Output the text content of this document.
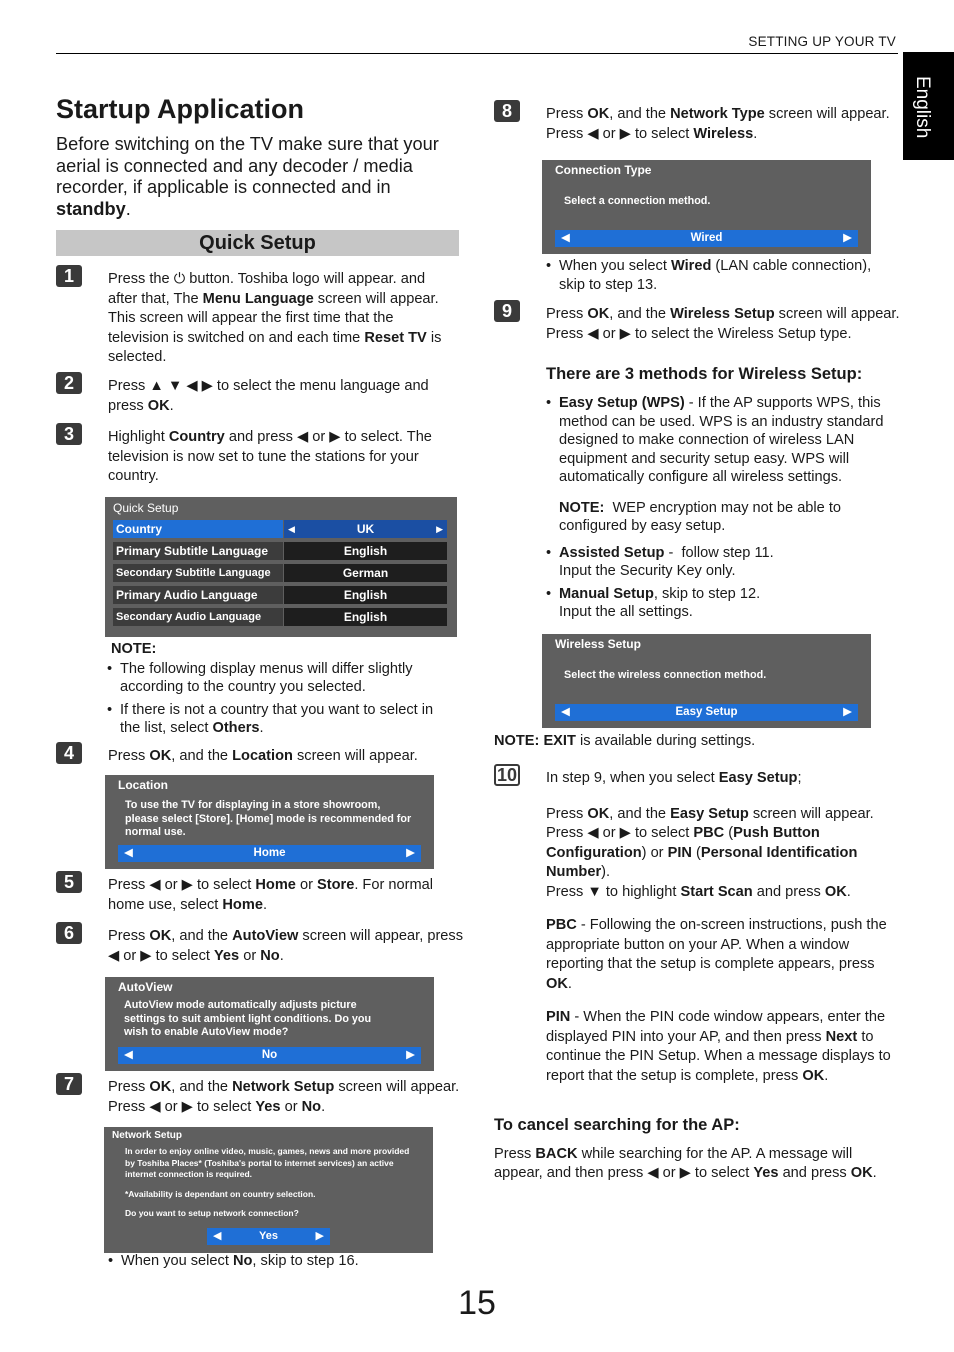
SETTING UP YOUR TV
English
Startup Application
Before switching on the TV make sure that your aerial is connected and any decoder / media recorder, if applicable is connected and in standby.
Quick Setup
1	Press the ⏻ button. Toshiba logo will appear. and after that, The Menu Language screen will appear. This screen will appear the first time that the television is switched on and each time Reset TV is selected.
2	Press ▲ ▼ ◀ ▶ to select the menu language and press OK.
3	Highlight Country and press ◀ or ▶ to select. The television is now set to tune the stations for your country.
Quick Setup
Country	◀	UK	▶
Primary Subtitle Language	English
Secondary Subtitle Language	German
Primary Audio Language	English
Secondary Audio Language	English
NOTE:
• The following display menus will differ slightly according to the country you selected.
• If there is not a country that you want to select in the list, select Others.
4	Press OK, and the Location screen will appear.
Location
To use the TV for displaying in a store showroom, please select [Store]. [Home] mode is recommended for normal use.
◀	Home	▶
5	Press ◀ or ▶ to select Home or Store. For normal home use, select Home.
6	Press OK, and the AutoView screen will appear, press ◀ or ▶ to select Yes or No.
AutoView
AutoView mode automatically adjusts picture settings to suit ambient light conditions. Do you wish to enable AutoView mode?
◀	No	▶
7	Press OK, and the Network Setup screen will appear. Press ◀ or ▶ to select Yes or No.
Network Setup
In order to enjoy online video, music, games, news and more provided by Toshiba Places* (Toshiba's portal to internet services) an active internet connection is required.
*Availability is dependant on country selection.
Do you want to setup network connection?
◀	Yes	▶
• When you select No, skip to step 16.
8	Press OK, and the Network Type screen will appear. Press ◀ or ▶ to select Wireless.
Connection Type
Select a connection method.
◀	Wired	▶
• When you select Wired (LAN cable connection), skip to step 13.
9	Press OK, and the Wireless Setup screen will appear. Press ◀ or ▶ to select the Wireless Setup type.
There are 3 methods for Wireless Setup:
• Easy Setup (WPS) - If the AP supports WPS, this method can be used. WPS is an industry standard designed to make connection of wireless LAN equipment and security setup easy. WPS will automatically configure all wireless settings.
NOTE:  WEP encryption may not be able to configured by easy setup.
• Assisted Setup -  follow step 11.
Input the Security Key only.
• Manual Setup, skip to step 12.
Input the all settings.
Wireless Setup
Select the wireless connection method.
◀	Easy Setup	▶
NOTE: EXIT is available during settings.
10 In step 9, when you select Easy Setup;
Press OK, and the Easy Setup screen will appear. Press ◀ or ▶ to select PBC (Push Button Configuration) or PIN (Personal Identification Number).
Press ▼ to highlight Start Scan and press OK.
PBC - Following the on-screen instructions, push the appropriate button on your AP. When a window reporting that the setup is complete appears, press OK.
PIN - When the PIN code window appears, enter the displayed PIN into your AP, and then press Next to continue the PIN Setup. When a message displays to report that the setup is complete, press OK.
To cancel searching for the AP:
Press BACK while searching for the AP. A message will appear, and then press ◀ or ▶ to select Yes and press OK.
15
